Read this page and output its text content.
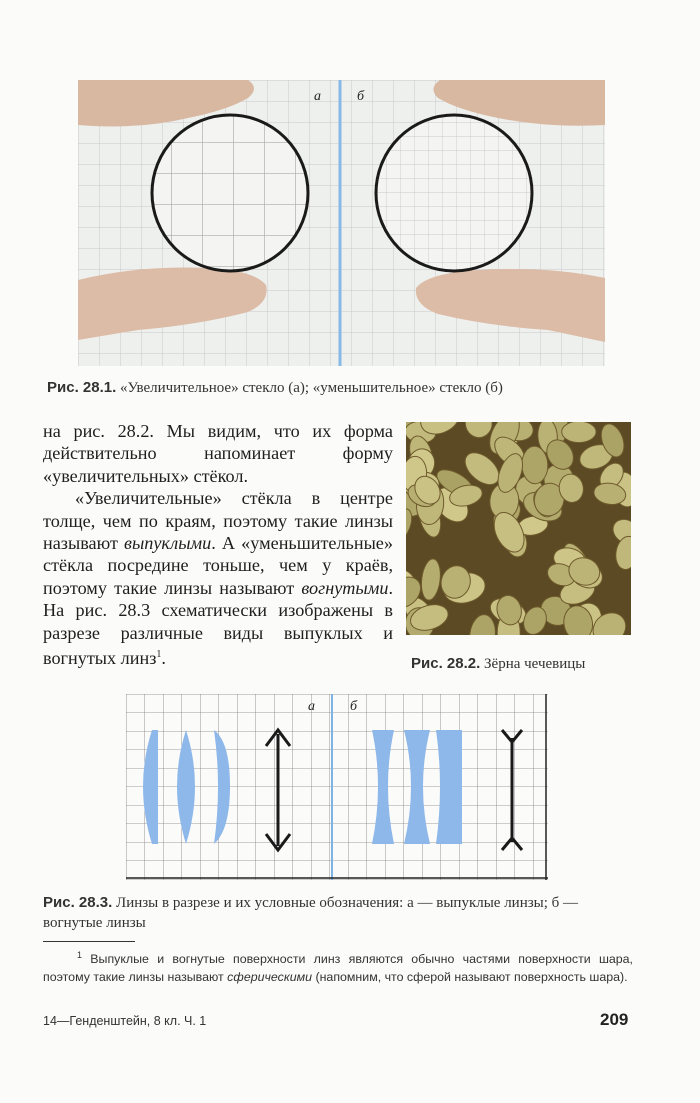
а	б
Рис. 28.1. «Увеличительное» стекло (а); «уменьшительное» стекло (б)

на рис. 28.2. Мы видим, что их форма действительно напоминает форму «увеличительных» стёкол.

«Увеличительные» стёкла в центре толще, чем по краям, поэтому такие линзы называют выпуклыми. А «уменьшительные» стёкла посредине тоньше, чем у краёв, поэтому такие линзы называют вогнутыми. На рис. 28.3 схематически изображены в разрезе различные виды выпуклых и вогнутых линз$^1$.	Рис. 28.2. Зёрна чечевицы
а	б
Рис. 28.3. Линзы в разрезе и их условные обозначения: а — выпуклые линзы; б — вогнутые линзы
$^1$ Выпуклые и вогнутые поверхности линз являются обычно частями поверхности шара, поэтому такие линзы называют сферическими (напомним, что сферой называют поверхность шара).
14—Генденштейн, 8 кл. Ч. 1	209
